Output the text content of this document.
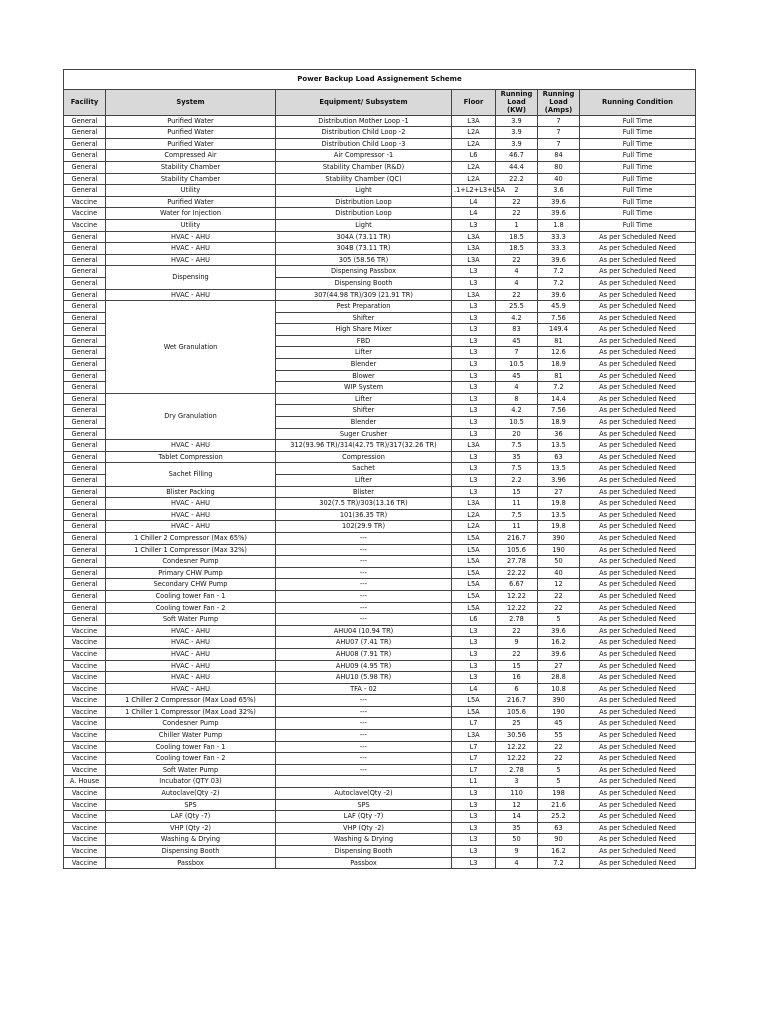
Power Backup Load Assignement Scheme						
Facility	System	Equipment/ Subsystem	Floor	Running Load (KW)	Running Load (Amps)	Running Condition
General	Purified Water	Distribution Mother Loop -1	L3A	3.9	7	Full Time
General	Purified Water	Distribution Child Loop -2	L2A	3.9	7	Full Time
General	Purified Water	Distribution Child Loop -3	L2A	3.9	7	Full Time
General	Compressed Air	Air Compressor -1	L6	46.7	84	Full Time
General	Stability Chamber	Stability Chamber (R&D)	L2A	44.4	80	Full Time
General	Stability Chamber	Stability Chamber (QC)	L2A	22.2	40	Full Time
General	Utility	Light	.1+L2+L3+L5A	2	3.6	Full Time
Vaccine	Purified Water	Distribution Loop	L4	22	39.6	Full Time
Vaccine	Water for Injection	Distribution Loop	L4	22	39.6	Full Time
Vaccine	Utility	Light	L3	1	1.8	Full Time
General	HVAC - AHU	304A (73.11 TR)	L3A	18.5	33.3	As per Scheduled Need
General	HVAC - AHU	304B (73.11 TR)	L3A	18.5	33.3	As per Scheduled Need
General	HVAC - AHU	305 (58.56 TR)	L3A	22	39.6	As per Scheduled Need
General	Dispensing	Dispensing Passbox	L3	4	7.2	As per Scheduled Need
General		Dispensing Booth	L3	4	7.2	As per Scheduled Need
General	HVAC - AHU	307(44.98 TR)/309 (21.91 TR)	L3A	22	39.6	As per Scheduled Need
General	Wet Granulation	Pest Preparation	L3	25.5	45.9	As per Scheduled Need
General		Shifter	L3	4.2	7.56	As per Scheduled Need
General		High Share Mixer	L3	83	149.4	As per Scheduled Need
General		FBD	L3	45	81	As per Scheduled Need
General		Lifter	L3	7	12.6	As per Scheduled Need
General		Blender	L3	10.5	18.9	As per Scheduled Need
General		Blower	L3	45	81	As per Scheduled Need
General		WIP System	L3	4	7.2	As per Scheduled Need
General	Dry Granulation	Lifter	L3	8	14.4	As per Scheduled Need
General		Shifter	L3	4.2	7.56	As per Scheduled Need
General		Blender	L3	10.5	18.9	As per Scheduled Need
General		Suger Crusher	L3	20	36	As per Scheduled Need
General	HVAC - AHU	312(93.96 TR)/314(42.75 TR)/317(32.26 TR)	L3A	7.5	13.5	As per Scheduled Need
General	Tablet Compression	Compression	L3	35	63	As per Scheduled Need
General	Sachet Filling	Sachet	L3	7.5	13.5	As per Scheduled Need
General		Lifter	L3	2.2	3.96	As per Scheduled Need
General	Blister Packing	Blister	L3	15	27	As per Scheduled Need
General	HVAC - AHU	302(7.5 TR)/303(13.16 TR)	L3A	11	19.8	As per Scheduled Need
General	HVAC - AHU	101(36.35 TR)	L2A	7.5	13.5	As per Scheduled Need
General	HVAC - AHU	102(29.9 TR)	L2A	11	19.8	As per Scheduled Need
General	1 Chiller 2 Compressor (Max 65%)	---	L5A	216.7	390	As per Scheduled Need
General	1 Chiller 1 Compressor (Max 32%)	---	L5A	105.6	190	As per Scheduled Need
General	Condesner Pump	---	L5A	27.78	50	As per Scheduled Need
General	Primary CHW Pump	---	L5A	22.22	40	As per Scheduled Need
General	Secondary CHW Pump	---	L5A	6.67	12	As per Scheduled Need
General	Cooling tower Fan - 1	---	L5A	12.22	22	As per Scheduled Need
General	Cooling tower Fan - 2	---	L5A	12.22	22	As per Scheduled Need
General	Soft Water Pump	---	L6	2.78	5	As per Scheduled Need
Vaccine	HVAC - AHU	AHU04 (10.94 TR)	L3	22	39.6	As per Scheduled Need
Vaccine	HVAC - AHU	AHU07 (7.41 TR)	L3	9	16.2	As per Scheduled Need
Vaccine	HVAC - AHU	AHU08 (7.91 TR)	L3	22	39.6	As per Scheduled Need
Vaccine	HVAC - AHU	AHU09 (4.95 TR)	L3	15	27	As per Scheduled Need
Vaccine	HVAC - AHU	AHU10 (5.98 TR)	L3	16	28.8	As per Scheduled Need
Vaccine	HVAC - AHU	TFA - 02	L4	6	10.8	As per Scheduled Need
Vaccine	1 Chiller 2 Compressor (Max Load 65%)	---	L5A	216.7	390	As per Scheduled Need
Vaccine	1 Chiller 1 Compressor (Max Load 32%)	---	L5A	105.6	190	As per Scheduled Need
Vaccine	Condesner Pump	---	L7	25	45	As per Scheduled Need
Vaccine	Chiller Water Pump	---	L3A	30.56	55	As per Scheduled Need
Vaccine	Cooling tower Fan - 1	---	L7	12.22	22	As per Scheduled Need
Vaccine	Cooling tower Fan - 2	---	L7	12.22	22	As per Scheduled Need
Vaccine	Soft Water Pump	---	L7	2.78	5	As per Scheduled Need
A. House	Incubator (QTY 03)		L1	3	5	As per Scheduled Need
Vaccine	Autoclave(Qty -2)	Autoclave(Qty -2)	L3	110	198	As per Scheduled Need
Vaccine	SPS	SPS	L3	12	21.6	As per Scheduled Need
Vaccine	LAF (Qty -7)	LAF (Qty -7)	L3	14	25.2	As per Scheduled Need
Vaccine	VHP (Qty -2)	VHP (Qty -2)	L3	35	63	As per Scheduled Need
Vaccine	Washing & Drying	Washing & Drying	L3	50	90	As per Scheduled Need
Vaccine	Dispensing Booth	Dispensing Booth	L3	9	16.2	As per Scheduled Need
Vaccine	Passbox	Passbox	L3	4	7.2	As per Scheduled Need
